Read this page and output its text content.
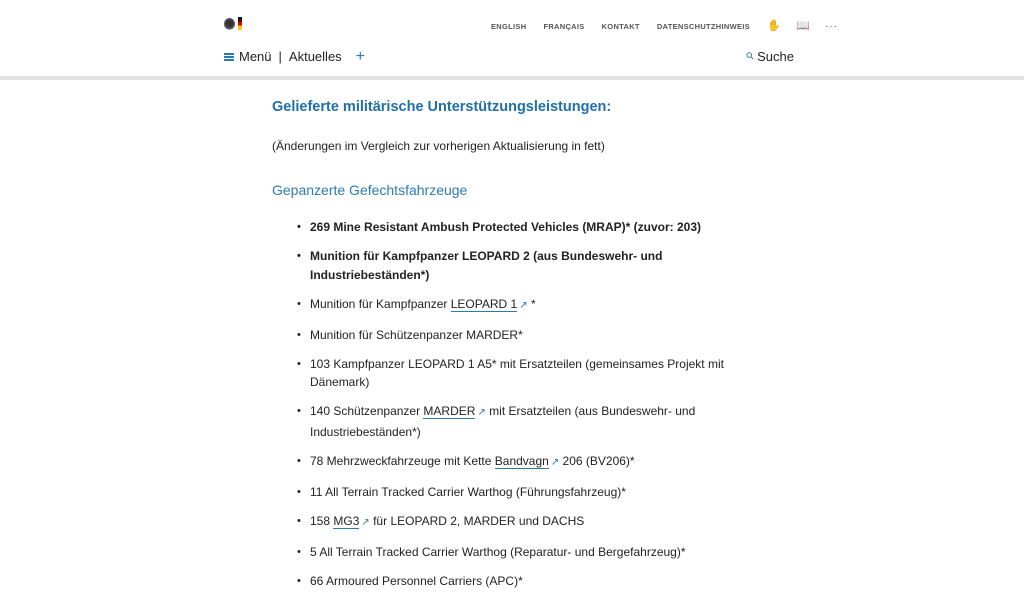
ENGLISH FRANÇAIS KONTAKT DATENSCHUTZHINWEIS ✋ 📖 ···
Menü | Aktuelles +	⚲ Suche
Gelieferte militärische Unterstützungsleistungen:

(Änderungen im Vergleich zur vorherigen Aktualisierung in fett)

Gepanzerte Gefechtsfahrzeuge
• 269 Mine Resistant Ambush Protected Vehicles (MRAP)* (zuvor: 203)
• Munition für Kampfpanzer LEOPARD 2 (aus Bundeswehr- und Industriebeständen*)
• Munition für Kampfpanzer LEOPARD 1 ↗ *
• Munition für Schützenpanzer MARDER*
• 103 Kampfpanzer LEOPARD 1 A5* mit Ersatzteilen (gemeinsames Projekt mit Dänemark)
• 140 Schützenpanzer MARDER ↗ mit Ersatzteilen (aus Bundeswehr- und Industriebeständen*)
• 78 Mehrzweckfahrzeuge mit Kette Bandvagn ↗ 206 (BV206)*
• 11 All Terrain Tracked Carrier Warthog (Führungsfahrzeug)*
• 158 MG3 ↗ für LEOPARD 2, MARDER und DACHS
• 5 All Terrain Tracked Carrier Warthog (Reparatur- und Bergefahrzeug)*
• 66 Armoured Personnel Carriers (APC)*
